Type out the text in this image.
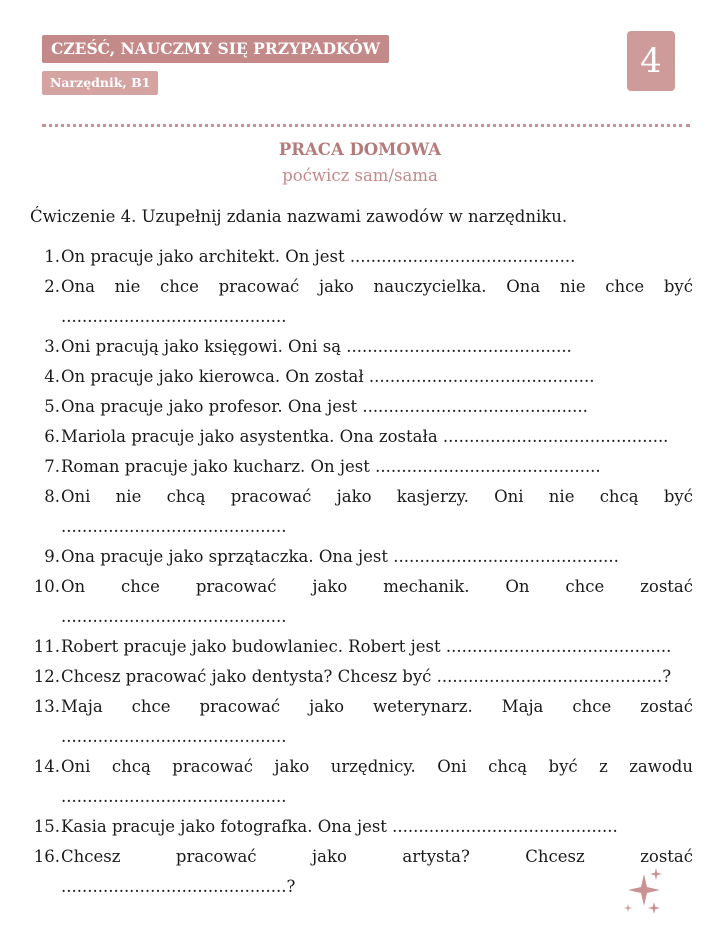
CZEŚĆ, NAUCZMY SIĘ PRZYPADKÓW
Narzędnik, B1
4
PRACA DOMOWA
poćwicz sam/sama
Ćwiczenie 4. Uzupełnij zdania nazwami zawodów w narzędniku.
1. On pracuje jako architekt. On jest ...........................................
2. Ona nie chce pracować jako nauczycielka. Ona nie chce być
...........................................
3. Oni pracują jako księgowi. Oni są ...........................................
4. On pracuje jako kierowca. On został ...........................................
5. Ona pracuje jako profesor. Ona jest ...........................................
6. Mariola pracuje jako asystentka. Ona została ...........................................
7. Roman pracuje jako kucharz. On jest ...........................................
8. Oni nie chcą pracować jako kasjerzy. Oni nie chcą być
...........................................
9. Ona pracuje jako sprzątaczka. Ona jest ...........................................
10. On chce pracować jako mechanik. On chce zostać
...........................................
11. Robert pracuje jako budowlaniec. Robert jest ...........................................
12. Chcesz pracować jako dentysta? Chcesz być ...........................................?
13. Maja chce pracować jako weterynarz. Maja chce zostać
...........................................
14. Oni chcą pracować jako urzędnicy. Oni chcą być z zawodu
...........................................
15. Kasia pracuje jako fotografka. Ona jest ...........................................
16. Chcesz pracować jako artysta? Chcesz zostać
...........................................?
